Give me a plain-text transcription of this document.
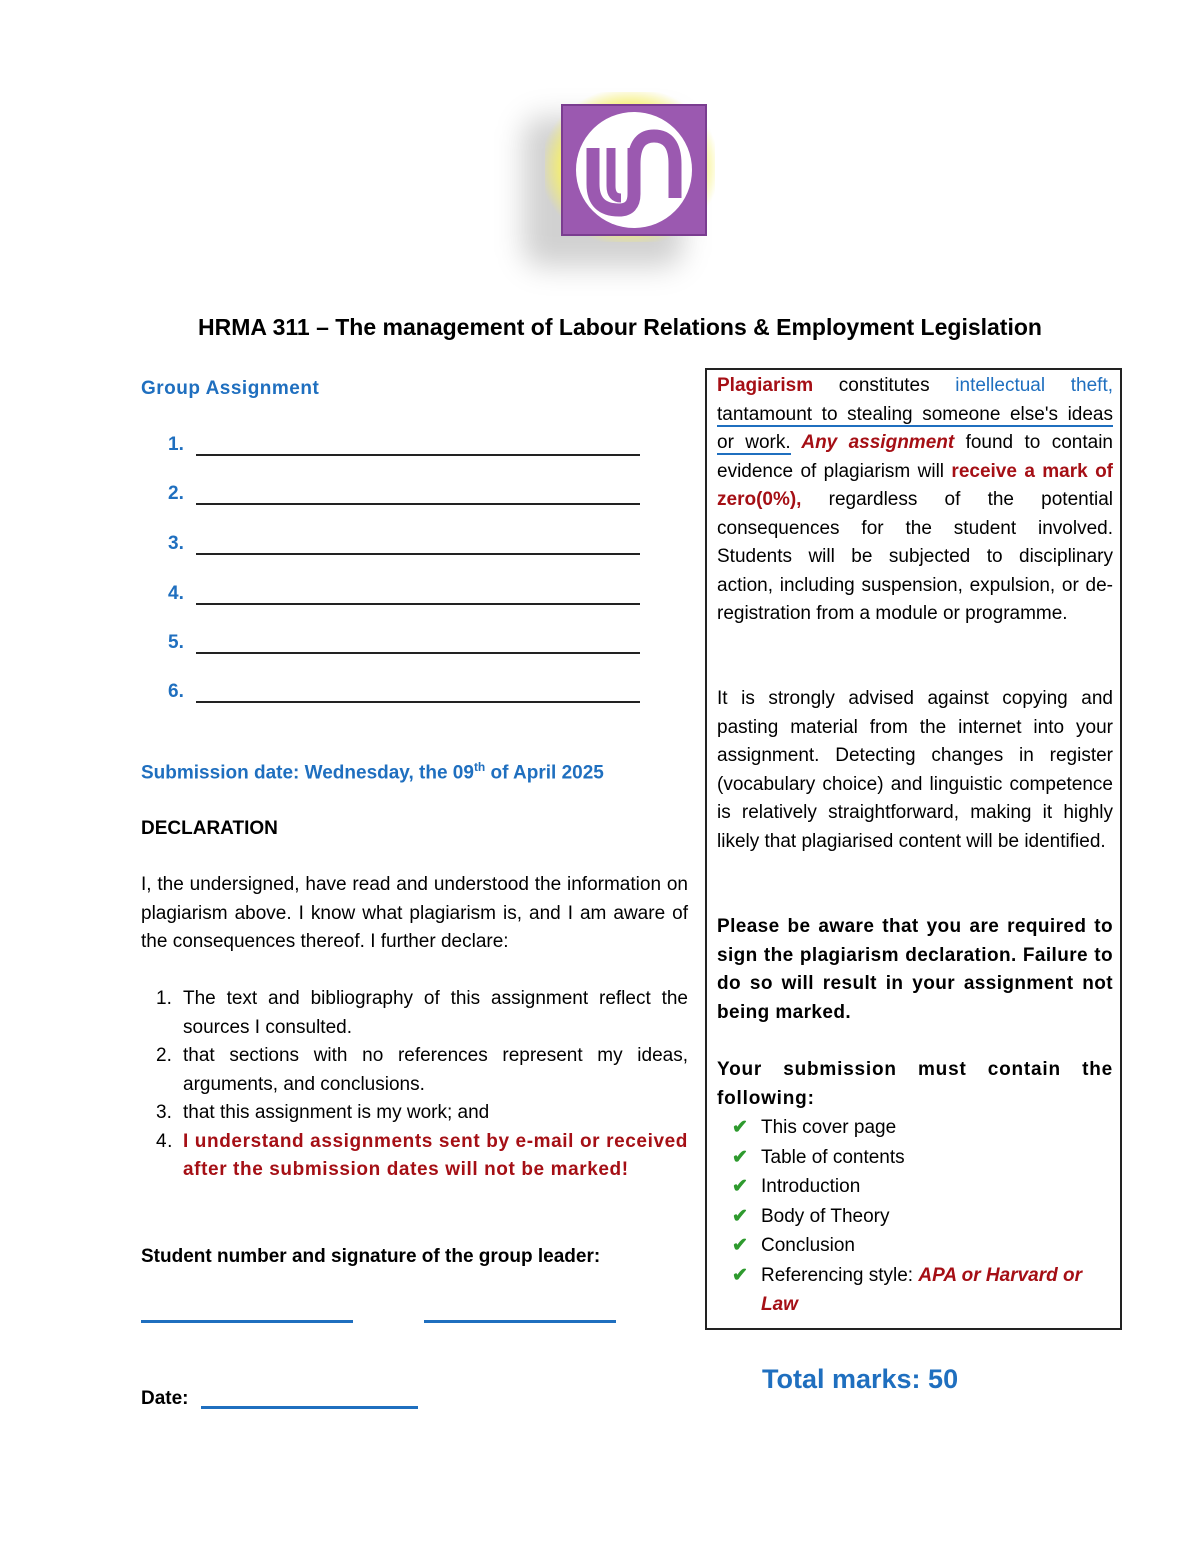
HRMA 311 – The management of Labour Relations & Employment Legislation
Group Assignment
1.
2.
3.
4.
5.
6.
Submission date: Wednesday, the 09th of April 2025
DECLARATION

I, the undersigned, have read and understood the information on plagiarism above. I know what plagiarism is, and I am aware of the consequences thereof. I further declare:

1. The text and bibliography of this assignment reflect the sources I consulted.
2. that sections with no references represent my ideas, arguments, and conclusions.
3. that this assignment is my work; and
4. I understand assignments sent by e-mail or received after the submission dates will not be marked!
Student number and signature of the group leader:
Date:

Plagiarism constitutes intellectual theft, tantamount to stealing someone else's ideas or work. Any assignment found to contain evidence of plagiarism will receive a mark of zero(0%), regardless of the potential consequences for the student involved. Students will be subjected to disciplinary action, including suspension, expulsion, or de-registration from a module or programme.

It is strongly advised against copying and pasting material from the internet into your assignment. Detecting changes in register (vocabulary choice) and linguistic competence is relatively straightforward, making it highly likely that plagiarised content will be identified.

Please be aware that you are required to sign the plagiarism declaration. Failure to do so will result in your assignment not being marked.

Your submission must contain the following:

✔ This cover page
✔ Table of contents
✔ Introduction
✔ Body of Theory
✔ Conclusion
✔ Referencing style: APA or Harvard or Law
Total marks: 50
